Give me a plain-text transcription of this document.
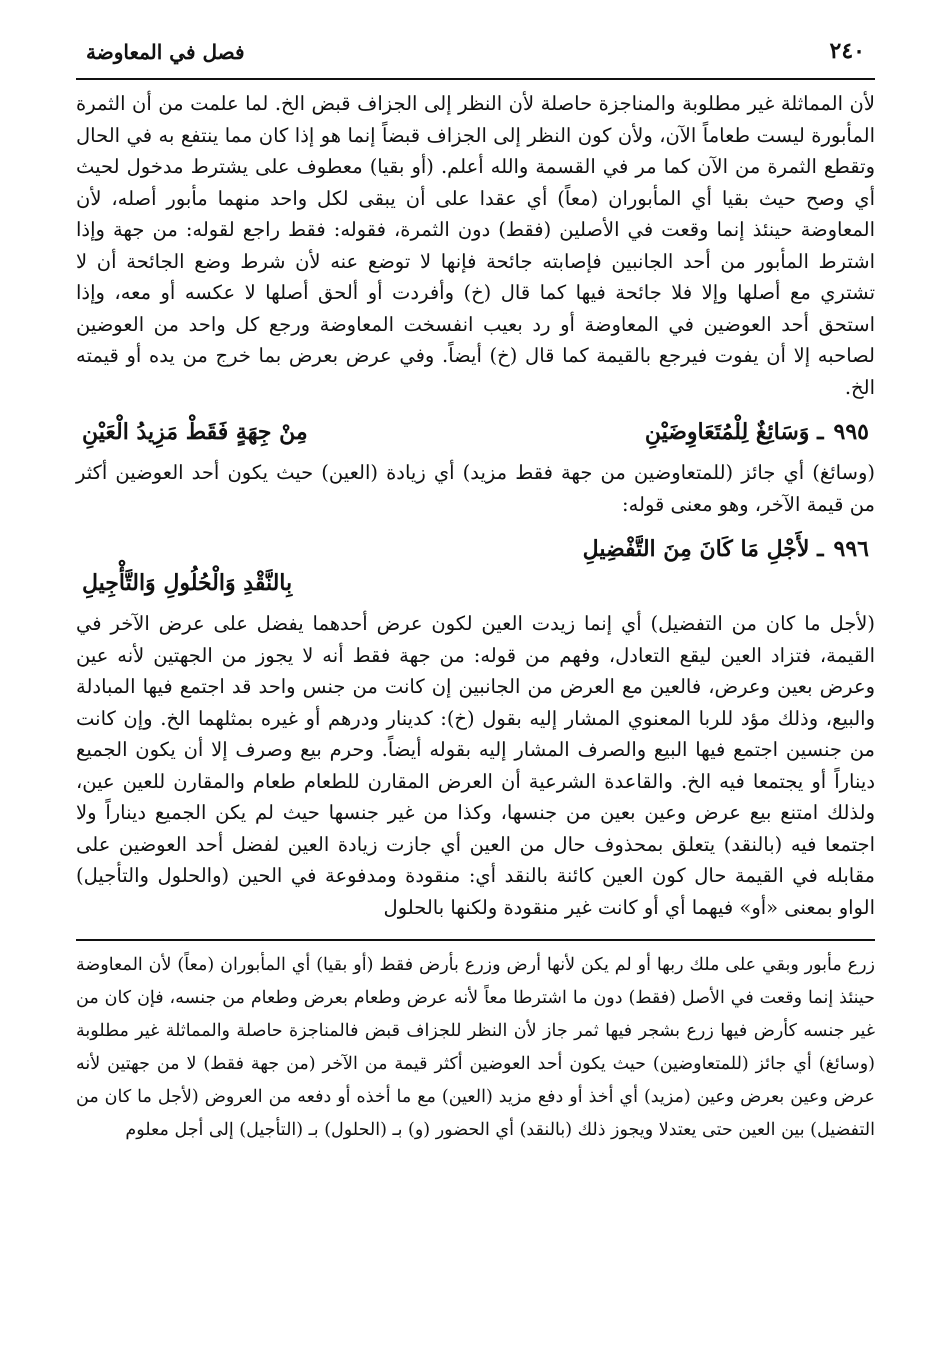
٢٤٠
فصل في المعاوضة

لأن المماثلة غير مطلوبة والمناجزة حاصلة لأن النظر إلى الجزاف قبض الخ. لما علمت من أن الثمرة المأبورة ليست طعاماً الآن، ولأن كون النظر إلى الجزاف قبضاً إنما هو إذا كان مما ينتفع به في الحال وتقطع الثمرة من الآن كما مر في القسمة والله أعلم. (أو بقيا) معطوف على يشترط مدخول لحيث أي وصح حيث بقيا أي المأبوران (معاً) أي عقدا على أن يبقى لكل واحد منهما مأبور أصله، لأن المعاوضة حينئذ إنما وقعت في الأصلين (فقط) دون الثمرة، فقوله: فقط راجع لقوله: من جهة وإذا اشترط المأبور من أحد الجانبين فإصابته جائحة فإنها لا توضع عنه لأن شرط وضع الجائحة أن لا تشتري مع أصلها وإلا فلا جائحة فيها كما قال (خ) وأفردت أو ألحق أصلها لا عكسه أو معه، وإذا استحق أحد العوضين في المعاوضة أو رد بعيب انفسخت المعاوضة ورجع كل واحد من العوضين لصاحبه إلا أن يفوت فيرجع بالقيمة كما قال (خ) أيضاً. وفي عرض بعرض بما خرج من يده أو قيمته الخ.

٩٩٥ـ وَسَائِغٌ لِلْمُتَعَاوِضَيْنِ
مِنْ جِهَةٍ فَقَطْ مَزِيدُ الْعَيْنِ

(وسائغ) أي جائز (للمتعاوضين من جهة فقط مزيد) أي زيادة (العين) حيث يكون أحد العوضين أكثر من قيمة الآخر، وهو معنى قوله:

٩٩٦ـ لأَجْلِ مَا كَانَ مِنَ التَّفْضِيلِ
بِالنَّقْدِ وَالْحُلُولِ وَالتَّأْجِيلِ

(لأجل ما كان من التفضيل) أي إنما زيدت العين لكون عرض أحدهما يفضل على عرض الآخر في القيمة، فتزاد العين ليقع التعادل، وفهم من قوله: من جهة فقط أنه لا يجوز من الجهتين لأنه عين وعرض بعين وعرض، فالعين مع العرض من الجانبين إن كانت من جنس واحد قد اجتمع فيها المبادلة والبيع، وذلك مؤد للربا المعنوي المشار إليه بقول (خ): كدينار ودرهم أو غيره بمثلهما الخ. وإن كانت من جنسين اجتمع فيها البيع والصرف المشار إليه بقوله أيضاً. وحرم بيع وصرف إلا أن يكون الجميع ديناراً أو يجتمعا فيه الخ. والقاعدة الشرعية أن العرض المقارن للطعام طعام والمقارن للعين عين، ولذلك امتنع بيع عرض وعين بعين من جنسها، وكذا من غير جنسها حيث لم يكن الجميع ديناراً ولا اجتمعا فيه (بالنقد) يتعلق بمحذوف حال من العين أي جازت زيادة العين لفضل أحد العوضين على مقابله في القيمة حال كون العين كائنة بالنقد أي: منقودة ومدفوعة في الحين (والحلول والتأجيل) الواو بمعنى «أو» فيهما أي أو كانت غير منقودة ولكنها بالحلول

زرع مأبور وبقي على ملك ربها أو لم يكن لأنها أرض وزرع بأرض فقط (أو بقيا) أي المأبوران (معاً) لأن المعاوضة حينئذ إنما وقعت في الأصل (فقط) دون ما اشترطا معاً لأنه عرض وطعام بعرض وطعام من جنسه، فإن كان من غير جنسه كأرض فيها زرع بشجر فيها ثمر جاز لأن النظر للجزاف قبض فالمناجزة حاصلة والمماثلة غير مطلوبة (وسائغ) أي جائز (للمتعاوضين) حيث يكون أحد العوضين أكثر قيمة من الآخر (من جهة فقط) لا من جهتين لأنه عرض وعين بعرض وعين (مزيد) أي أخذ أو دفع مزيد (العين) مع ما أخذه أو دفعه من العروض (لأجل ما كان من التفضيل) بين العين حتى يعتدلا ويجوز ذلك (بالنقد) أي الحضور (و) بـ (الحلول) بـ (التأجيل) إلى أجل معلوم
